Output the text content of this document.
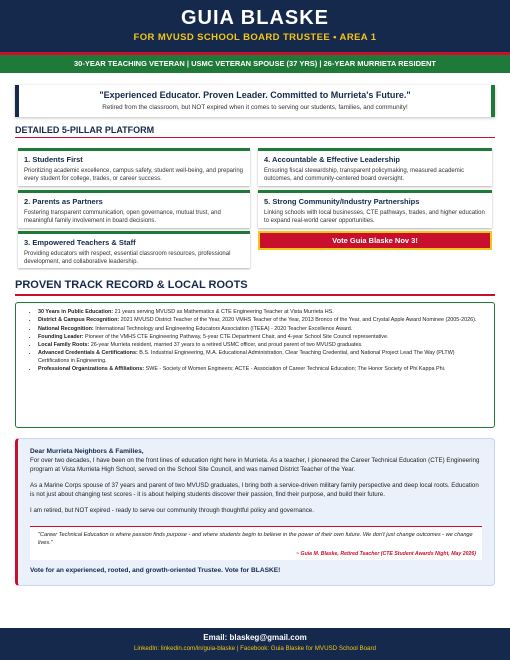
GUIA BLASKE
FOR MVUSD SCHOOL BOARD TRUSTEE • AREA 1
30-YEAR TEACHING VETERAN | USMC VETERAN SPOUSE (37 YRS) | 26-YEAR MURRIETA RESIDENT
"Experienced Educator. Proven Leader. Committed to Murrieta's Future."
Retired from the classroom, but NOT expired when it comes to serving our students, families, and community!
DETAILED 5-PILLAR PLATFORM
1. Students First
Prioritizing academic excellence, campus safety, student well-being, and preparing every student for college, trades, or career success.
2. Parents as Partners
Fostering transparent communication, open governance, mutual trust, and meaningful family involvement in board decisions.
3. Empowered Teachers & Staff
Providing educators with respect, essential classroom resources, professional development, and collaborative leadership.
4. Accountable & Effective Leadership
Ensuring fiscal stewardship, transparent policymaking, measured academic outcomes, and community-centered board oversight.
5. Strong Community/Industry Partnerships
Linking schools with local businesses, CTE pathways, trades, and higher education to expand real-world career opportunities.
Vote Guia Blaske Nov 3!
PROVEN TRACK RECORD & LOCAL ROOTS
• 30 Years in Public Education: 21 years serving MVUSD as Mathematics & CTE Engineering Teacher at Vista Murrieta HS.
• District & Campus Recognition: 2021 MVUSD District Teacher of the Year, 2020 VMHS Teacher of the Year, 2013 Bronco of the Year, and Crystal Apple Award Nominee (2005-2026).
• National Recognition: International Technology and Engineering Educators Association (ITEEA) - 2020 Teacher Excellence Award.
• Founding Leader: Pioneer of the VMHS CTE Engineering Pathway, 5-year CTE Department Chair, and 4-year School Site Council representative.
• Local Family Roots: 26-year Murrieta resident, married 37 years to a retired USMC officer, and proud parent of two MVUSD graduates.
• Advanced Credentials & Certifications: B.S. Industrial Engineering, M.A. Educational Administration, Clear Teaching Credential, and National Project Lead The Way (PLTW) Certifications in Engineering.
• Professional Organizations & Affiliations: SWE - Society of Women Engineers; ACTE - Association of Career Technical Education; The Honor Society of Phi Kappa Phi.
Dear Murrieta Neighbors & Families,
For over two decades, I have been on the front lines of education right here in Murrieta. As a teacher, I pioneered the Career Technical Education (CTE) Engineering program at Vista Murrieta High School, served on the School Site Council, and was named District Teacher of the Year.
As a Marine Corps spouse of 37 years and parent of two MVUSD graduates, I bring both a service-driven military family perspective and deep local roots. Education is not just about changing test scores - it is about helping students discover their passion, find their purpose, and build their future.
I am retired, but NOT expired - ready to serve our community through thoughtful policy and governance.
"Career Technical Education is where passion finds purpose - and where students begin to believe in the power of their own future. We don't just change outcomes - we change lives."
~ Guia M. Blaske, Retired Teacher (CTE Student Awards Night, May 2026)
Vote for an experienced, rooted, and growth-oriented Trustee. Vote for BLASKE!
Email: blaskeg@gmail.com
LinkedIn: linkedin.com/in/guia-blaske | Facebook: Guia Blaske for MVUSD School Board
